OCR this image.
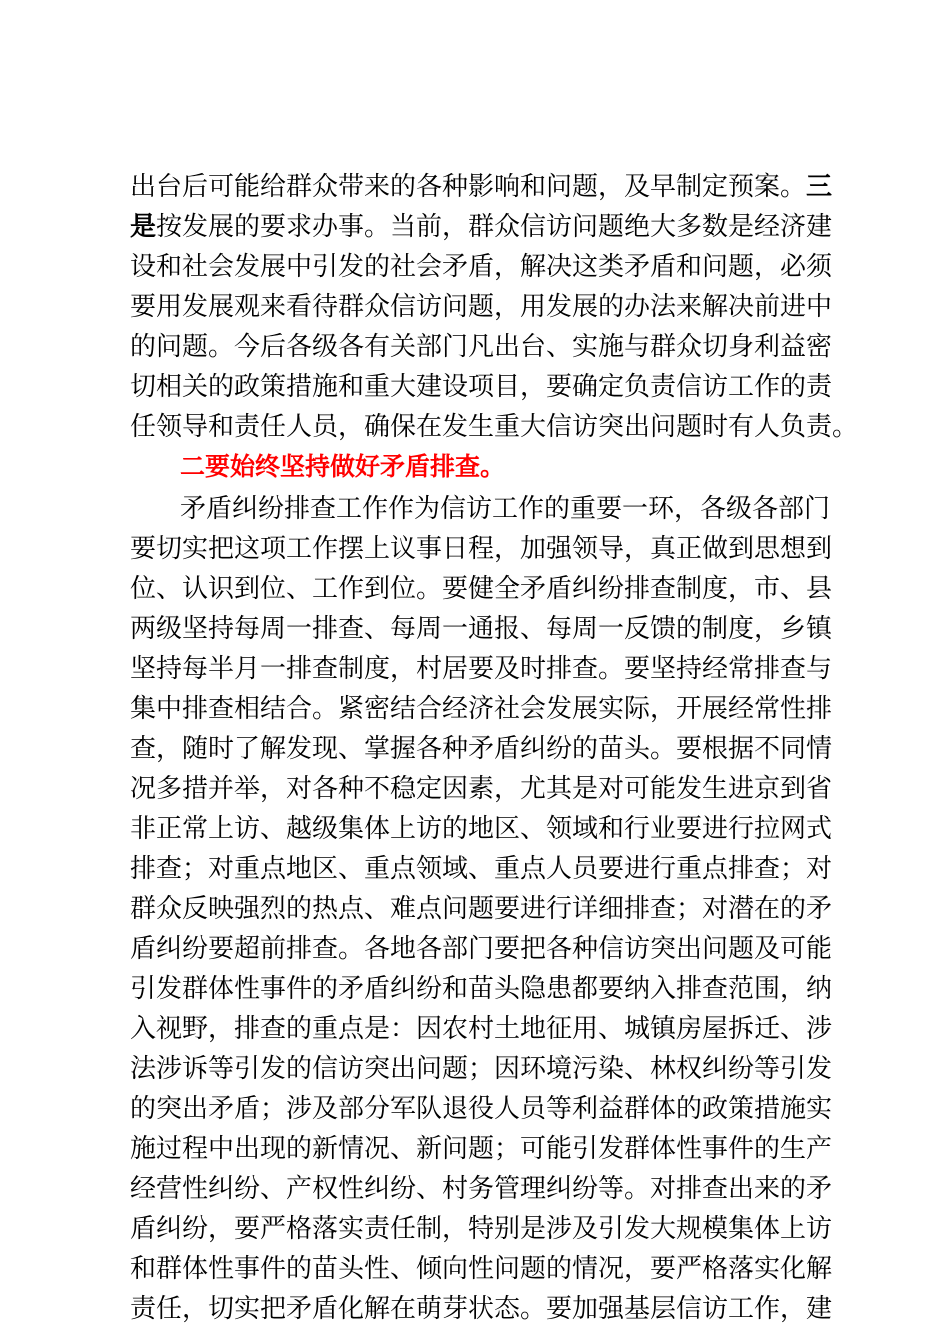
出台后可能给群众带来的各种影响和问题，及早制定预案。三
是按发展的要求办事。当前，群众信访问题绝大多数是经济建
设和社会发展中引发的社会矛盾，解决这类矛盾和问题，必须
要用发展观来看待群众信访问题，用发展的办法来解决前进中
的问题。今后各级各有关部门凡出台、实施与群众切身利益密
切相关的政策措施和重大建设项目，要确定负责信访工作的责
任领导和责任人员，确保在发生重大信访突出问题时有人负责。
二要始终坚持做好矛盾排查。
矛盾纠纷排查工作作为信访工作的重要一环，各级各部门
要切实把这项工作摆上议事日程，加强领导，真正做到思想到
位、认识到位、工作到位。要健全矛盾纠纷排查制度，市、县
两级坚持每周一排查、每周一通报、每周一反馈的制度，乡镇
坚持每半月一排查制度，村居要及时排查。要坚持经常排查与
集中排查相结合。紧密结合经济社会发展实际，开展经常性排
查，随时了解发现、掌握各种矛盾纠纷的苗头。要根据不同情
况多措并举，对各种不稳定因素，尤其是对可能发生进京到省
非正常上访、越级集体上访的地区、领域和行业要进行拉网式
排查；对重点地区、重点领域、重点人员要进行重点排查；对
群众反映强烈的热点、难点问题要进行详细排查；对潜在的矛
盾纠纷要超前排查。各地各部门要把各种信访突出问题及可能
引发群体性事件的矛盾纠纷和苗头隐患都要纳入排查范围，纳
入视野，排查的重点是：因农村土地征用、城镇房屋拆迁、涉
法涉诉等引发的信访突出问题；因环境污染、林权纠纷等引发
的突出矛盾；涉及部分军队退役人员等利益群体的政策措施实
施过程中出现的新情况、新问题；可能引发群体性事件的生产
经营性纠纷、产权性纠纷、村务管理纠纷等。对排查出来的矛
盾纠纷，要严格落实责任制，特别是涉及引发大规模集体上访
和群体性事件的苗头性、倾向性问题的情况，要严格落实化解
责任，切实把矛盾化解在萌芽状态。要加强基层信访工作，建
